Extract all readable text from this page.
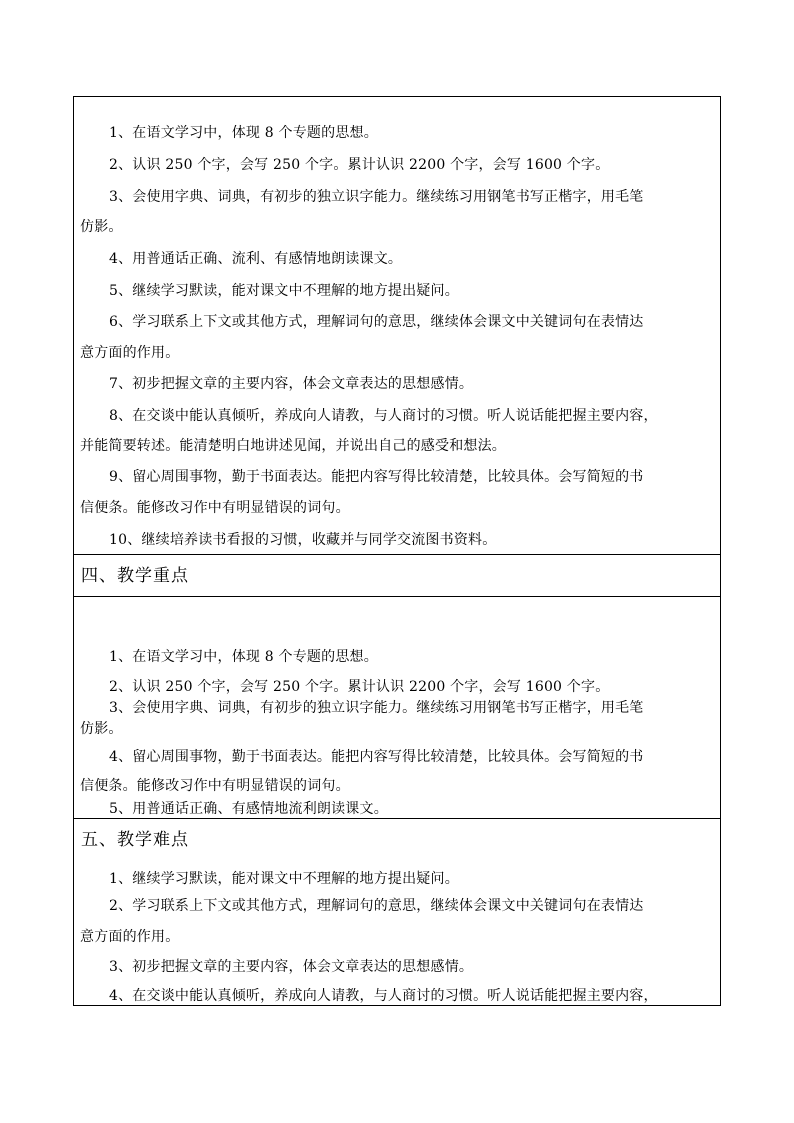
1、在语文学习中，体现 8 个专题的思想。
2、认识 250 个字，会写 250 个字。累计认识 2200 个字，会写 1600 个字。
3、会使用字典、词典，有初步的独立识字能力。继续练习用钢笔书写正楷字，用毛笔
仿影。
4、用普通话正确、流利、有感情地朗读课文。
5、继续学习默读，能对课文中不理解的地方提出疑问。
6、学习联系上下文或其他方式，理解词句的意思，继续体会课文中关键词句在表情达
意方面的作用。
7、初步把握文章的主要内容，体会文章表达的思想感情。
8、在交谈中能认真倾听，养成向人请教，与人商讨的习惯。听人说话能把握主要内容，
并能简要转述。能清楚明白地讲述见闻，并说出自己的感受和想法。
9、留心周围事物，勤于书面表达。能把内容写得比较清楚，比较具体。会写简短的书
信便条。能修改习作中有明显错误的词句。
10、继续培养读书看报的习惯，收藏并与同学交流图书资料。
四、教学重点
1、在语文学习中，体现 8 个专题的思想。
2、认识 250 个字，会写 250 个字。累计认识 2200 个字，会写 1600 个字。
3、会使用字典、词典，有初步的独立识字能力。继续练习用钢笔书写正楷字，用毛笔
仿影。
4、留心周围事物，勤于书面表达。能把内容写得比较清楚，比较具体。会写简短的书
信便条。能修改习作中有明显错误的词句。
5、用普通话正确、有感情地流利朗读课文。
五、教学难点
1、继续学习默读，能对课文中不理解的地方提出疑问。
2、学习联系上下文或其他方式，理解词句的意思，继续体会课文中关键词句在表情达
意方面的作用。
3、初步把握文章的主要内容，体会文章表达的思想感情。
4、在交谈中能认真倾听，养成向人请教，与人商讨的习惯。听人说话能把握主要内容，
